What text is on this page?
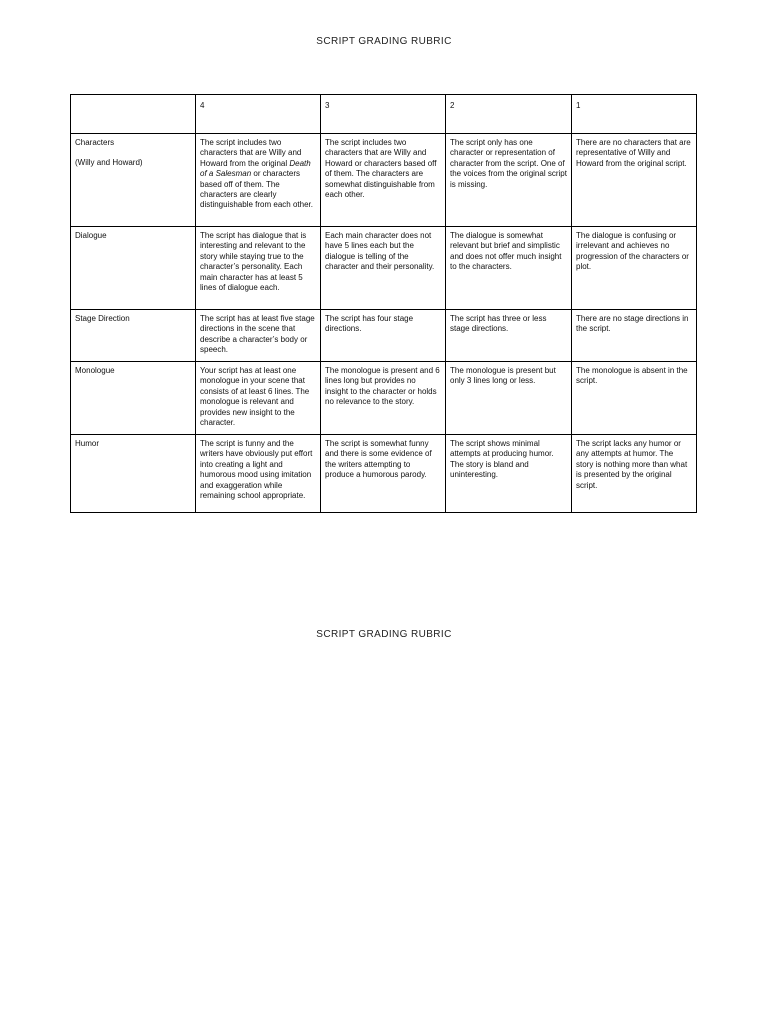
SCRIPT GRADING RUBRIC
	4	3	2	1

Characters
(Willy and Howard)	The script includes two characters that are Willy and Howard from the original Death of a Salesman or characters based off of them. The characters are clearly distinguishable from each other.	The script includes two characters that are Willy and Howard or characters based off of them. The characters are somewhat distinguishable from each other.	The script only has one character or representation of character from the script. One of the voices from the original script is missing.	There are no characters that are representative of Willy and Howard from the original script.
Dialogue	The script has dialogue that is interesting and relevant to the story while staying true to the character’s personality. Each main character has at least 5 lines of dialogue each.	Each main character does not have 5 lines each but the dialogue is telling of the character and their personality.	The dialogue is somewhat relevant but brief and simplistic and does not offer much insight to the characters.	The dialogue is confusing or irrelevant and achieves no progression of the characters or plot.
Stage Direction	The script has at least five stage directions in the scene that describe a character’s body or speech.	The script has four stage directions.	The script has three or less stage directions.	There are no stage directions in the script.
Monologue	Your script has at least one monologue in your scene that consists of at least 6 lines. The monologue is relevant and provides new insight to the character.	The monologue is present and 6 lines long but provides no insight to the character or holds no relevance to the story.	The monologue is present but only 3 lines long or less.	The monologue is absent in the script.
Humor	The script is funny and the writers have obviously put effort into creating a light and humorous mood using imitation and exaggeration while remaining school appropriate.	The script is somewhat funny and there is some evidence of the writers attempting to produce a humorous parody.	The script shows minimal attempts at producing humor. The story is bland and uninteresting.	The script lacks any humor or any attempts at humor. The story is nothing more than what is presented by the original script.
SCRIPT GRADING RUBRIC
